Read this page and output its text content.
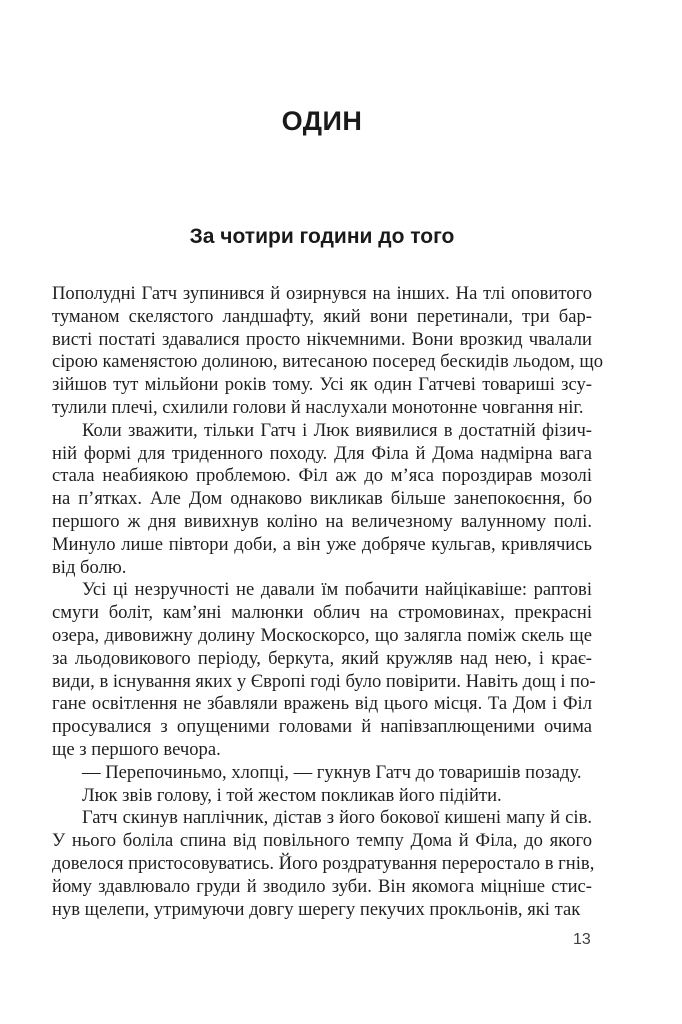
ОДИН
За чотири години до того
Пополудні Гатч зупинився й озирнувся на інших. На тлі оповитого
туманом скелястого ландшафту, який вони перетинали, три бар-
висті постаті здавалися просто нікчемними. Вони врозкид чвалали
сірою каменястою долиною, витесаною посеред бескидів льодом, що
зійшов тут мільйони років тому. Усі як один Гатчеві товариші зсу-
тулили плечі, схилили голови й наслухали монотонне човгання ніг.
Коли зважити, тільки Гатч і Люк виявилися в достатній фізич-
ній формі для триденного походу. Для Філа й Дома надмірна вага
стала неабиякою проблемою. Філ аж до м’яса пороздирав мозолі
на п’ятках. Але Дом однаково викликав більше занепокоєння, бо
першого ж дня вивихнув коліно на величезному валунному полі.
Минуло лише півтори доби, а він уже добряче кульгав, кривлячись
від болю.
Усі ці незручності не давали їм побачити найцікавіше: раптові
смуги боліт, кам’яні малюнки облич на стромовинах, прекрасні
озера, дивовижну долину Москоскорсо, що залягла поміж скель ще
за льодовикового періоду, беркута, який кружляв над нею, і крає-
види, в існування яких у Європі годі було повірити. Навіть дощ і по-
гане освітлення не збавляли вражень від цього місця. Та Дом і Філ
просувалися з опущеними головами й напівзаплющеними очима
ще з першого вечора.
— Перепочиньмо, хлопці, — гукнув Гатч до товаришів позаду.
Люк звів голову, і той жестом покликав його підійти.
Гатч скинув наплічник, дістав з його бокової кишені мапу й сів.
У нього боліла спина від повільного темпу Дома й Філа, до якого
довелося пристосовуватись. Його роздратування переростало в гнів,
йому здавлювало груди й зводило зуби. Він якомога міцніше стис-
нув щелепи, утримуючи довгу шерегу пекучих прокльонів, які так
13
